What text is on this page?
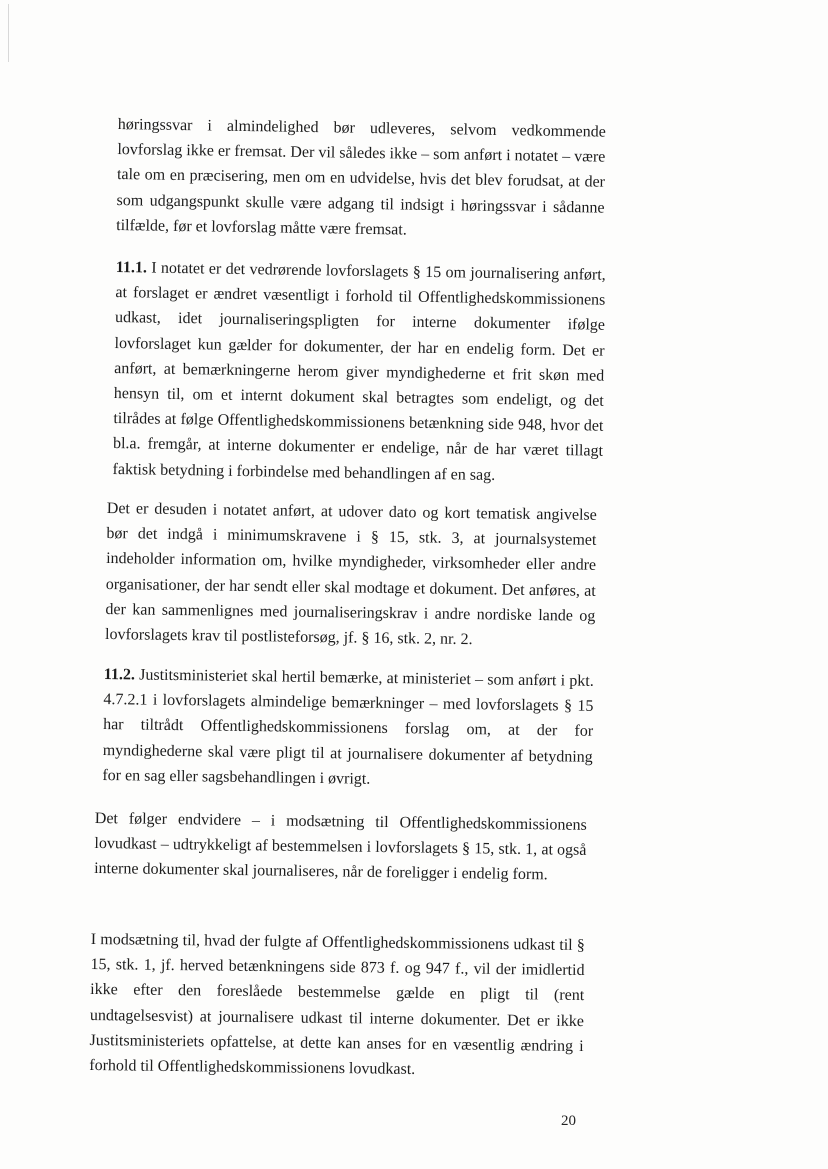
høringssvar i almindelighed bør udleveres, selvom vedkommende lovforslag ikke er fremsat. Der vil således ikke – som anført i notatet – være tale om en præcisering, men om en udvidelse, hvis det blev forudsat, at der som udgangspunkt skulle være adgang til indsigt i høringssvar i sådanne tilfælde, før et lovforslag måtte være fremsat.

11.1. I notatet er det vedrørende lovforslagets § 15 om journalisering anført, at forslaget er ændret væsentligt i forhold til Offentlighedskommissionens udkast, idet journaliseringspligten for interne dokumenter ifølge lovforslaget kun gælder for dokumenter, der har en endelig form. Det er anført, at bemærkningerne herom giver myndighederne et frit skøn med hensyn til, om et internt dokument skal betragtes som endeligt, og det tilrådes at følge Offentlighedskommissionens betænkning side 948, hvor det bl.a. fremgår, at interne dokumenter er endelige, når de har været tillagt faktisk betydning i forbindelse med behandlingen af en sag.

Det er desuden i notatet anført, at udover dato og kort tematisk angivelse bør det indgå i minimumskravene i § 15, stk. 3, at journalsystemet indeholder information om, hvilke myndigheder, virksomheder eller andre organisationer, der har sendt eller skal modtage et dokument. Det anføres, at der kan sammenlignes med journaliseringskrav i andre nordiske lande og lovforslagets krav til postlisteforsøg, jf. § 16, stk. 2, nr. 2.

11.2. Justitsministeriet skal hertil bemærke, at ministeriet – som anført i pkt. 4.7.2.1 i lovforslagets almindelige bemærkninger – med lovforslagets § 15 har tiltrådt Offentlighedskommissionens forslag om, at der for myndighederne skal være pligt til at journalisere dokumenter af betydning for en sag eller sagsbehandlingen i øvrigt.

Det følger endvidere – i modsætning til Offentlighedskommissionens lovudkast – udtrykkeligt af bestemmelsen i lovforslagets § 15, stk. 1, at også interne dokumenter skal journaliseres, når de foreligger i endelig form.

I modsætning til, hvad der fulgte af Offentlighedskommissionens udkast til § 15, stk. 1, jf. herved betænkningens side 873 f. og 947 f., vil der imidlertid ikke efter den foreslåede bestemmelse gælde en pligt til (rent undtagelsesvist) at journalisere udkast til interne dokumenter. Det er ikke Justitsministeriets opfattelse, at dette kan anses for en væsentlig ændring i forhold til Offentlighedskommissionens lovudkast.

20
